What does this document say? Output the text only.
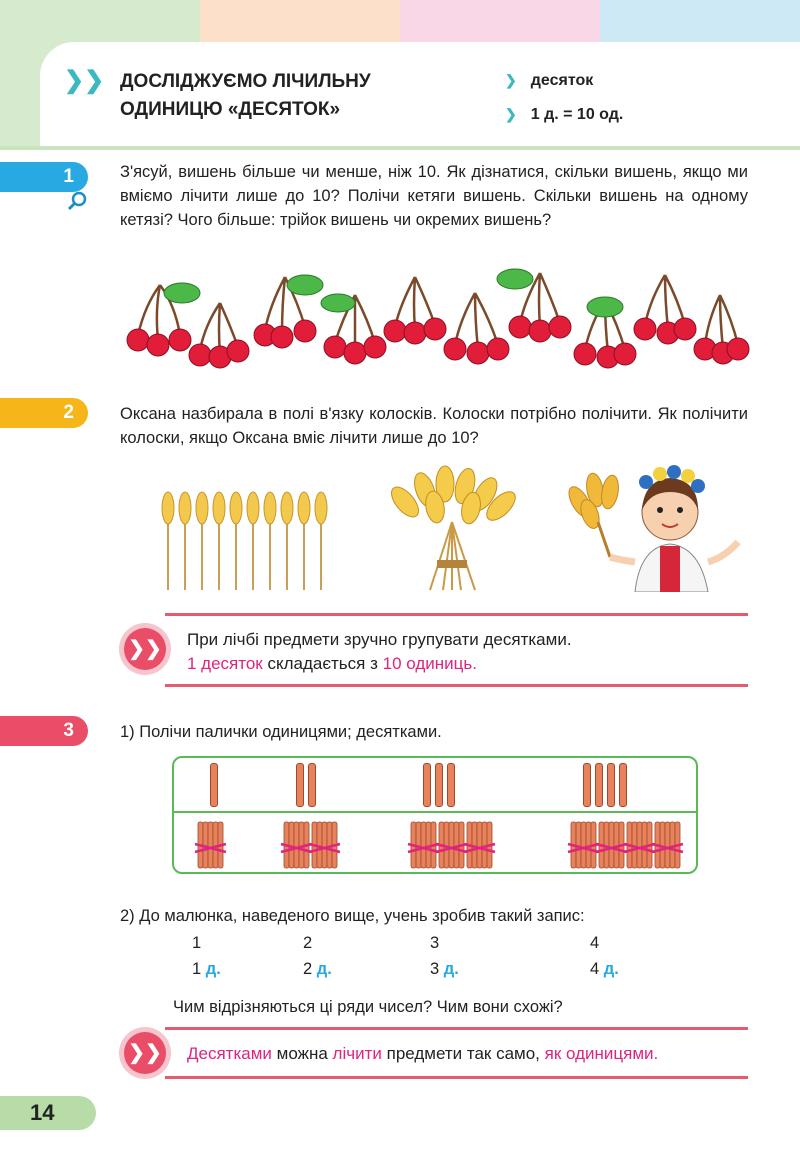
❯❯ ДОСЛІДЖУЄМО ЛІЧИЛЬНУ
ОДИНИЦЮ «ДЕСЯТОК»
❯ десяток
❯ 1 д. = 10 од.
1	З'ясуй, вишень більше чи менше, ніж 10. Як дізнатися, скільки вишень, якщо ми вміємо лічити лише до 10? Полічи кетяги вишень. Скільки вишень на одному кетязі? Чого більше: трійок вишень чи окремих вишень?
2	Оксана назбирала в полі в'язку колосків. Колоски потрібно полічити. Як полічити колоски, якщо Оксана вміє лічити лише до 10?
❯❯ При лічбі предмети зручно групувати десятками.
1 десяток складається з 10 одиниць.
3	1) Полічи палички одиницями; десятками.
2) До малюнка, наведеного вище, учень зробив такий запис:
1	2	3	4
1 д.	2 д.	3 д.	4 д.
Чим відрізняються ці ряди чисел? Чим вони схожі?
❯❯ Десятками можна лічити предмети так само, як одиницями.
14
